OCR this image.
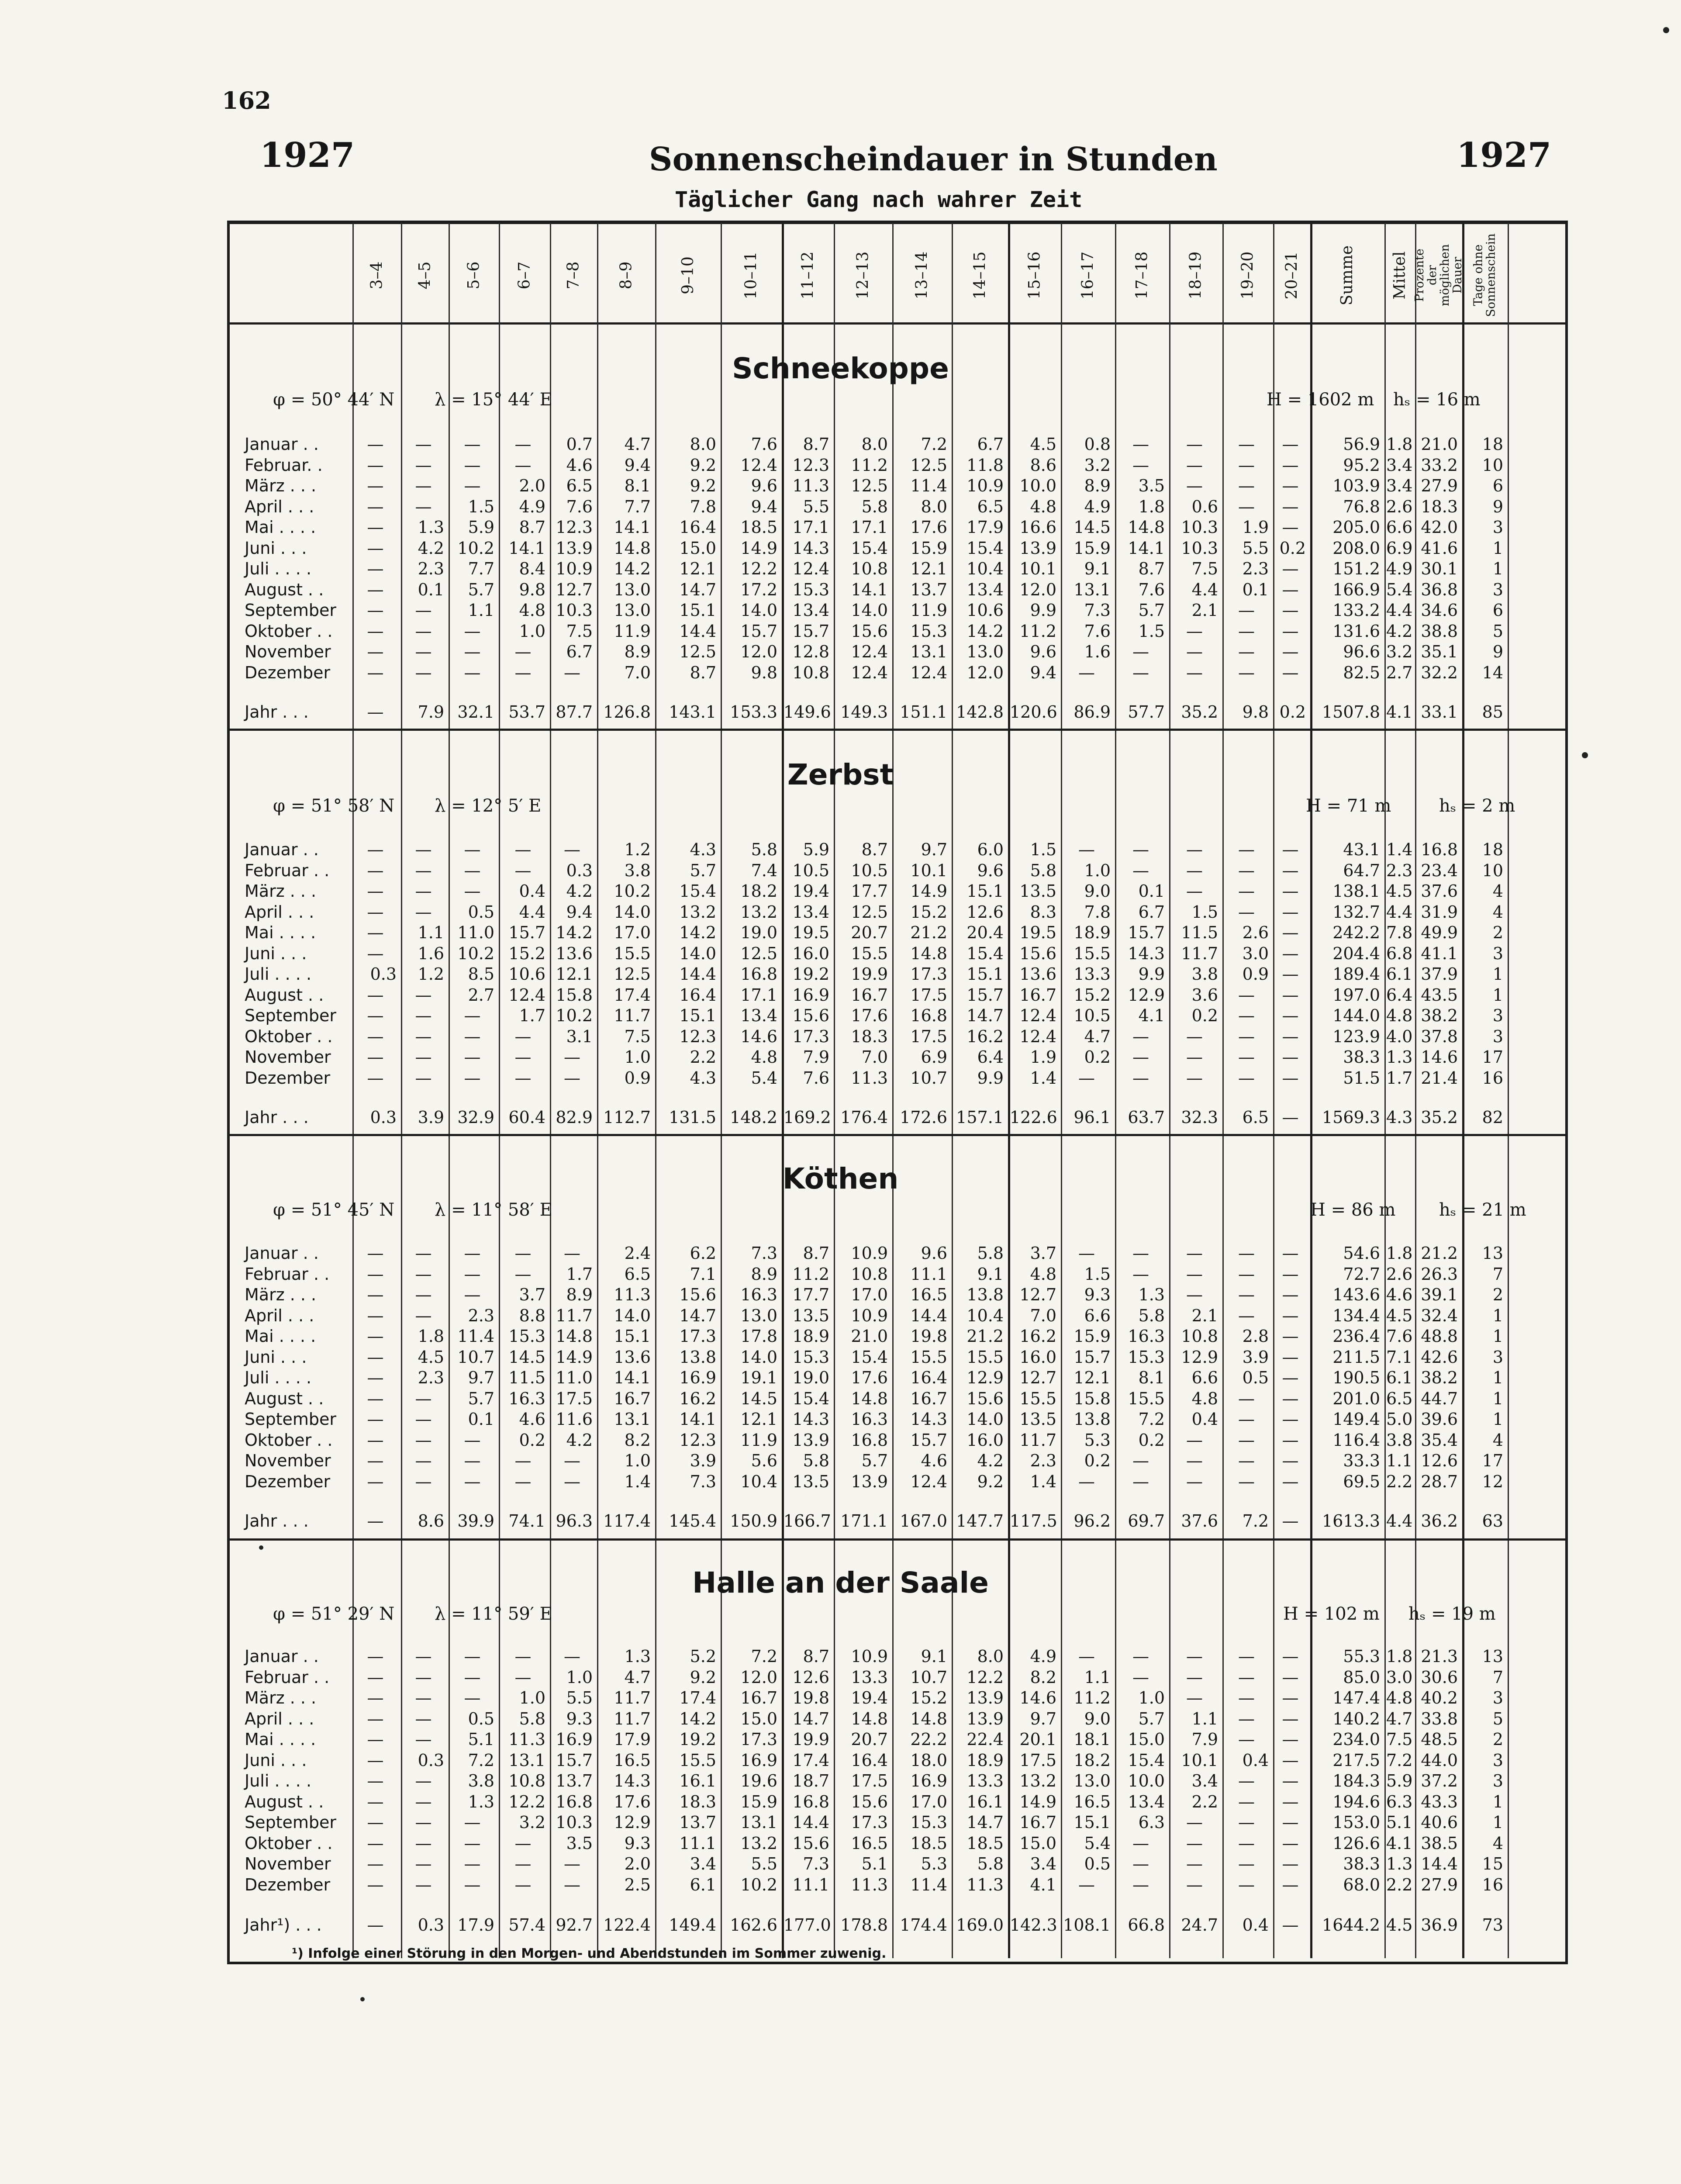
162
1927	Sonnenscheindauer in Stunden	1927
Täglicher Gang nach wahrer Zeit
3–4 4–5 5–6 6–7 7–8 8–9	9–10	10–11 11–12 12–13	13–14	14–15 15–16 16–17 17–18 18–19 19–20 20–21 Summe Mittel Prozente der möglichen Dauer Tage ohne Sonnenschein
Schneekoppe
φ = 50° 44′ N λ = 15° 44′ E	H = 1602 m hₛ = 16 m
Januar . .	—	—	—	—	0.7	4.7	8.0	7.6	8.7	8.0	7.2	6.7	4.5	0.8	—	—	—	—	56.9 1.8 21.0	18
Februar. .	—	—	—	—	4.6	9.4	9.2	12.4 12.3	11.2	12.5	11.8	8.6	3.2	—	—	—	—	95.2 3.4 33.2	10
März . . .	—	—	—	2.0	6.5	8.1	9.2	9.6 11.3	12.5	11.4	10.9 10.0	8.9	3.5	—	—	—	103.9 3.4 27.9	6
April . . .	—	—	1.5	4.9	7.6	7.7	7.8	9.4	5.5	5.8	8.0	6.5	4.8	4.9	1.8	0.6	—	—	76.8 2.6 18.3	9
Mai . . . .	—	1.3	5.9	8.7 12.3	14.1	16.4	18.5 17.1	17.1	17.6	17.9 16.6	14.5	14.8 10.3	1.9 —	205.0 6.6 42.0	3
Juni . . .	—	4.2 10.2 14.1 13.9	14.8	15.0	14.9 14.3	15.4	15.9	15.4 13.9	15.9	14.1 10.3	5.5 0.2	208.0 6.9 41.6	1
Juli . . . .	—	2.3	7.7	8.4 10.9	14.2	12.1	12.2 12.4	10.8	12.1	10.4 10.1	9.1	8.7	7.5	2.3 —	151.2 4.9 30.1	1
August . .	—	0.1	5.7	9.8 12.7	13.0	14.7	17.2 15.3	14.1	13.7	13.4 12.0	13.1	7.6	4.4	0.1 —	166.9 5.4 36.8	3
September	—	—	1.1	4.8 10.3	13.0	15.1	14.0 13.4	14.0	11.9	10.6	9.9	7.3	5.7	2.1	—	—	133.2 4.4 34.6	6
Oktober . .	—	—	—	1.0	7.5	11.9	14.4	15.7 15.7	15.6	15.3	14.2 11.2	7.6	1.5	—	—	—	131.6 4.2 38.8	5
November	—	—	—	—	6.7	8.9	12.5	12.0 12.8	12.4	13.1	13.0	9.6	1.6	—	—	—	—	96.6 3.2 35.1	9
Dezember	—	—	—	—	—	7.0	8.7	9.8 10.8	12.4	12.4	12.0	9.4	—	—	—	—	—	82.5 2.7 32.2	14
Jahr . . .	—	7.9 32.1 53.7 87.7 126.8	143.1 153.3 149.6 149.3 151.1 142.8 120.6 86.9	57.7 35.2	9.8 0.2 1507.8 4.1 33.1	85
Zerbst
φ = 51° 58′ N λ = 12° 5′ E	H = 71 m	hₛ = 2 m
Januar . .	—	—	—	—	—	1.2	4.3	5.8	5.9	8.7	9.7	6.0	1.5	—	—	—	—	—	43.1 1.4 16.8	18
Februar . .	—	—	—	—	0.3	3.8	5.7	7.4 10.5	10.5	10.1	9.6	5.8	1.0	—	—	—	—	64.7 2.3 23.4	10
März . . .	—	—	—	0.4	4.2	10.2	15.4	18.2 19.4	17.7	14.9	15.1 13.5	9.0	0.1	—	—	—	138.1 4.5 37.6	4
April . . .	—	—	0.5	4.4	9.4	14.0	13.2	13.2 13.4	12.5	15.2	12.6	8.3	7.8	6.7	1.5	—	—	132.7 4.4 31.9	4
Mai . . . .	—	1.1 11.0 15.7 14.2	17.0	14.2	19.0 19.5	20.7	21.2	20.4 19.5	18.9	15.7 11.5	2.6 —	242.2 7.8 49.9	2
Juni . . .	—	1.6 10.2 15.2 13.6	15.5	14.0	12.5 16.0	15.5	14.8	15.4 15.6	15.5	14.3 11.7	3.0 —	204.4 6.8 41.1	3
Juli . . . .	0.3	1.2	8.5 10.6 12.1	12.5	14.4	16.8 19.2	19.9	17.3	15.1 13.6	13.3	9.9	3.8	0.9 —	189.4 6.1 37.9	1
August . .	—	—	2.7 12.4 15.8	17.4	16.4	17.1 16.9	16.7	17.5	15.7 16.7	15.2	12.9	3.6	—	—	197.0 6.4 43.5	1
September	—	—	—	1.7 10.2	11.7	15.1	13.4 15.6	17.6	16.8	14.7 12.4	10.5	4.1	0.2	—	—	144.0 4.8 38.2	3
Oktober . .	—	—	—	—	3.1	7.5	12.3	14.6 17.3	18.3	17.5	16.2 12.4	4.7	—	—	—	—	123.9 4.0 37.8	3
November	—	—	—	—	—	1.0	2.2	4.8	7.9	7.0	6.9	6.4	1.9	0.2	—	—	—	—	38.3 1.3 14.6	17
Dezember	—	—	—	—	—	0.9	4.3	5.4	7.6	11.3	10.7	9.9	1.4	—	—	—	—	—	51.5 1.7 21.4	16
Jahr . . .	0.3	3.9 32.9 60.4 82.9 112.7	131.5 148.2 169.2 176.4 172.6 157.1 122.6 96.1	63.7 32.3	6.5 —	1569.3 4.3 35.2	82
Köthen
φ = 51° 45′ N λ = 11° 58′ E	H = 86 m hₛ = 21 m
Januar . .	—	—	—	—	—	2.4	6.2	7.3	8.7	10.9	9.6	5.8	3.7	—	—	—	—	—	54.6 1.8 21.2	13
Februar . .	—	—	—	—	1.7	6.5	7.1	8.9 11.2	10.8	11.1	9.1	4.8	1.5	—	—	—	—	72.7 2.6 26.3	7
März . . .	—	—	—	3.7	8.9	11.3	15.6	16.3 17.7	17.0	16.5	13.8 12.7	9.3	1.3	—	—	—	143.6 4.6 39.1	2
April . . .	—	—	2.3	8.8 11.7	14.0	14.7	13.0 13.5	10.9	14.4	10.4	7.0	6.6	5.8	2.1	—	—	134.4 4.5 32.4	1
Mai . . . .	—	1.8 11.4 15.3 14.8	15.1	17.3	17.8 18.9	21.0	19.8	21.2 16.2	15.9	16.3 10.8	2.8 —	236.4 7.6 48.8	1
Juni . . .	—	4.5 10.7 14.5 14.9	13.6	13.8	14.0 15.3	15.4	15.5	15.5 16.0	15.7	15.3 12.9	3.9 —	211.5 7.1 42.6	3
Juli . . . .	—	2.3	9.7 11.5 11.0	14.1	16.9	19.1 19.0	17.6	16.4	12.9 12.7	12.1	8.1	6.6	0.5 —	190.5 6.1 38.2	1
August . .	—	—	5.7 16.3 17.5	16.7	16.2	14.5 15.4	14.8	16.7	15.6 15.5	15.8	15.5	4.8	—	—	201.0 6.5 44.7	1
September	—	—	0.1	4.6 11.6	13.1	14.1	12.1 14.3	16.3	14.3	14.0 13.5	13.8	7.2	0.4	—	—	149.4 5.0 39.6	1
Oktober . .	—	—	—	0.2	4.2	8.2	12.3	11.9 13.9	16.8	15.7	16.0 11.7	5.3	0.2	—	—	—	116.4 3.8 35.4	4
November	—	—	—	—	—	1.0	3.9	5.6	5.8	5.7	4.6	4.2	2.3	0.2	—	—	—	—	33.3 1.1 12.6	17
Dezember	—	—	—	—	—	1.4	7.3	10.4 13.5	13.9	12.4	9.2	1.4	—	—	—	—	—	69.5 2.2 28.7	12
Jahr . . .	—	8.6 39.9 74.1 96.3 117.4	145.4 150.9 166.7 171.1 167.0 147.7 117.5 96.2	69.7 37.6	7.2 —	1613.3 4.4 36.2	63
Halle an der Saale
φ = 51° 29′ N λ = 11° 59′ E	H = 102 m hₛ = 19 m
Januar . .	—	—	—	—	—	1.3	5.2	7.2	8.7	10.9	9.1	8.0	4.9	—	—	—	—	—	55.3 1.8 21.3	13
Februar . .	—	—	—	—	1.0	4.7	9.2	12.0 12.6	13.3	10.7	12.2	8.2	1.1	—	—	—	—	85.0 3.0 30.6	7
März . . .	—	—	—	1.0	5.5	11.7	17.4	16.7 19.8	19.4	15.2	13.9 14.6	11.2	1.0	—	—	—	147.4 4.8 40.2	3
April . . .	—	—	0.5	5.8	9.3	11.7	14.2	15.0 14.7	14.8	14.8	13.9	9.7	9.0	5.7	1.1	—	—	140.2 4.7 33.8	5
Mai . . . .	—	—	5.1 11.3 16.9	17.9	19.2	17.3 19.9	20.7	22.2	22.4 20.1	18.1	15.0	7.9	—	—	234.0 7.5 48.5	2
Juni . . .	—	0.3	7.2 13.1 15.7	16.5	15.5	16.9 17.4	16.4	18.0	18.9 17.5	18.2	15.4 10.1	0.4 —	217.5 7.2 44.0	3
Juli . . . .	—	—	3.8 10.8 13.7	14.3	16.1	19.6 18.7	17.5	16.9	13.3 13.2	13.0	10.0	3.4	—	—	184.3 5.9 37.2	3
August . .	—	—	1.3 12.2 16.8	17.6	18.3	15.9 16.8	15.6	17.0	16.1 14.9	16.5	13.4	2.2	—	—	194.6 6.3 43.3	1
September	—	—	—	3.2 10.3	12.9	13.7	13.1 14.4	17.3	15.3	14.7 16.7	15.1	6.3	—	—	—	153.0 5.1 40.6	1
Oktober . .	—	—	—	—	3.5	9.3	11.1	13.2 15.6	16.5	18.5	18.5 15.0	5.4	—	—	—	—	126.6 4.1 38.5	4
November	—	—	—	—	—	2.0	3.4	5.5	7.3	5.1	5.3	5.8	3.4	0.5	—	—	—	—	38.3 1.3 14.4	15
Dezember	—	—	—	—	—	2.5	6.1	10.2 11.1	11.3	11.4	11.3	4.1	—	—	—	—	—	68.0 2.2 27.9	16
Jahr¹) . . .	—	0.3 17.9 57.4 92.7 122.4	149.4 162.6 177.0 178.8 174.4 169.0 142.3 108.1	66.8 24.7	0.4 —	1644.2 4.5 36.9	73
¹) Infolge einer Störung in den Morgen- und Abendstunden im Sommer zuwenig.
